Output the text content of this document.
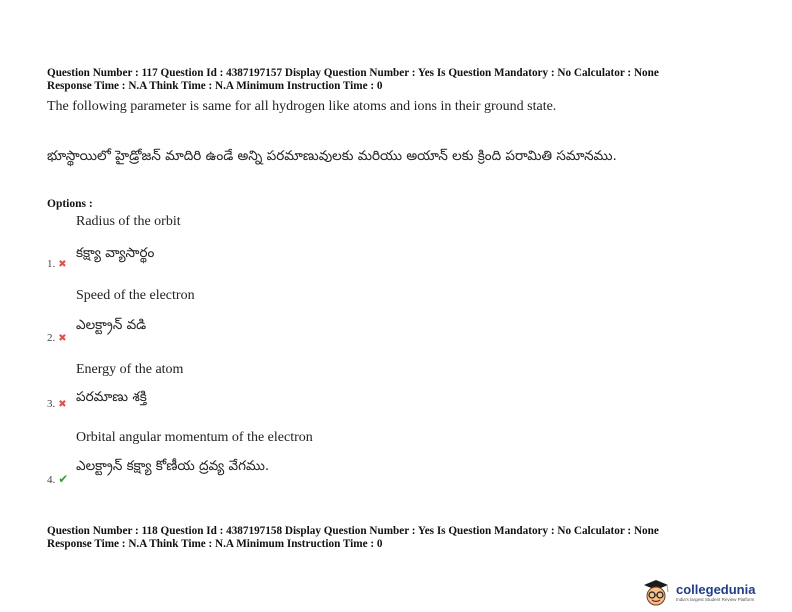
Question Number : 117 Question Id : 4387197157 Display Question Number : Yes Is Question Mandatory : No Calculator : None
Response Time : N.A Think Time : N.A Minimum Instruction Time : 0
The following parameter is same for all hydrogen like atoms and ions in their ground state.
భూస్థాయిలో హైడ్రోజన్ మాదిరి ఉండే అన్ని పరమాణువులకు మరియు అయాన్ లకు క్రింది పరామితి సమానము.
Options :
Radius of the orbit
కక్ష్యా వ్యాసార్థం
1. ✖
Speed of the electron
ఎలక్ట్రాన్ వడి
2. ✖
Energy of the atom
పరమాణు శక్తి
3. ✖
Orbital angular momentum of the electron
ఎలక్ట్రాన్ కక్ష్యా కోణీయ ద్రవ్య వేగము.
4. ✔
Question Number : 118 Question Id : 4387197158 Display Question Number : Yes Is Question Mandatory : No Calculator : None
Response Time : N.A Think Time : N.A Minimum Instruction Time : 0
collegedunia
India's largest Student Review Platform
